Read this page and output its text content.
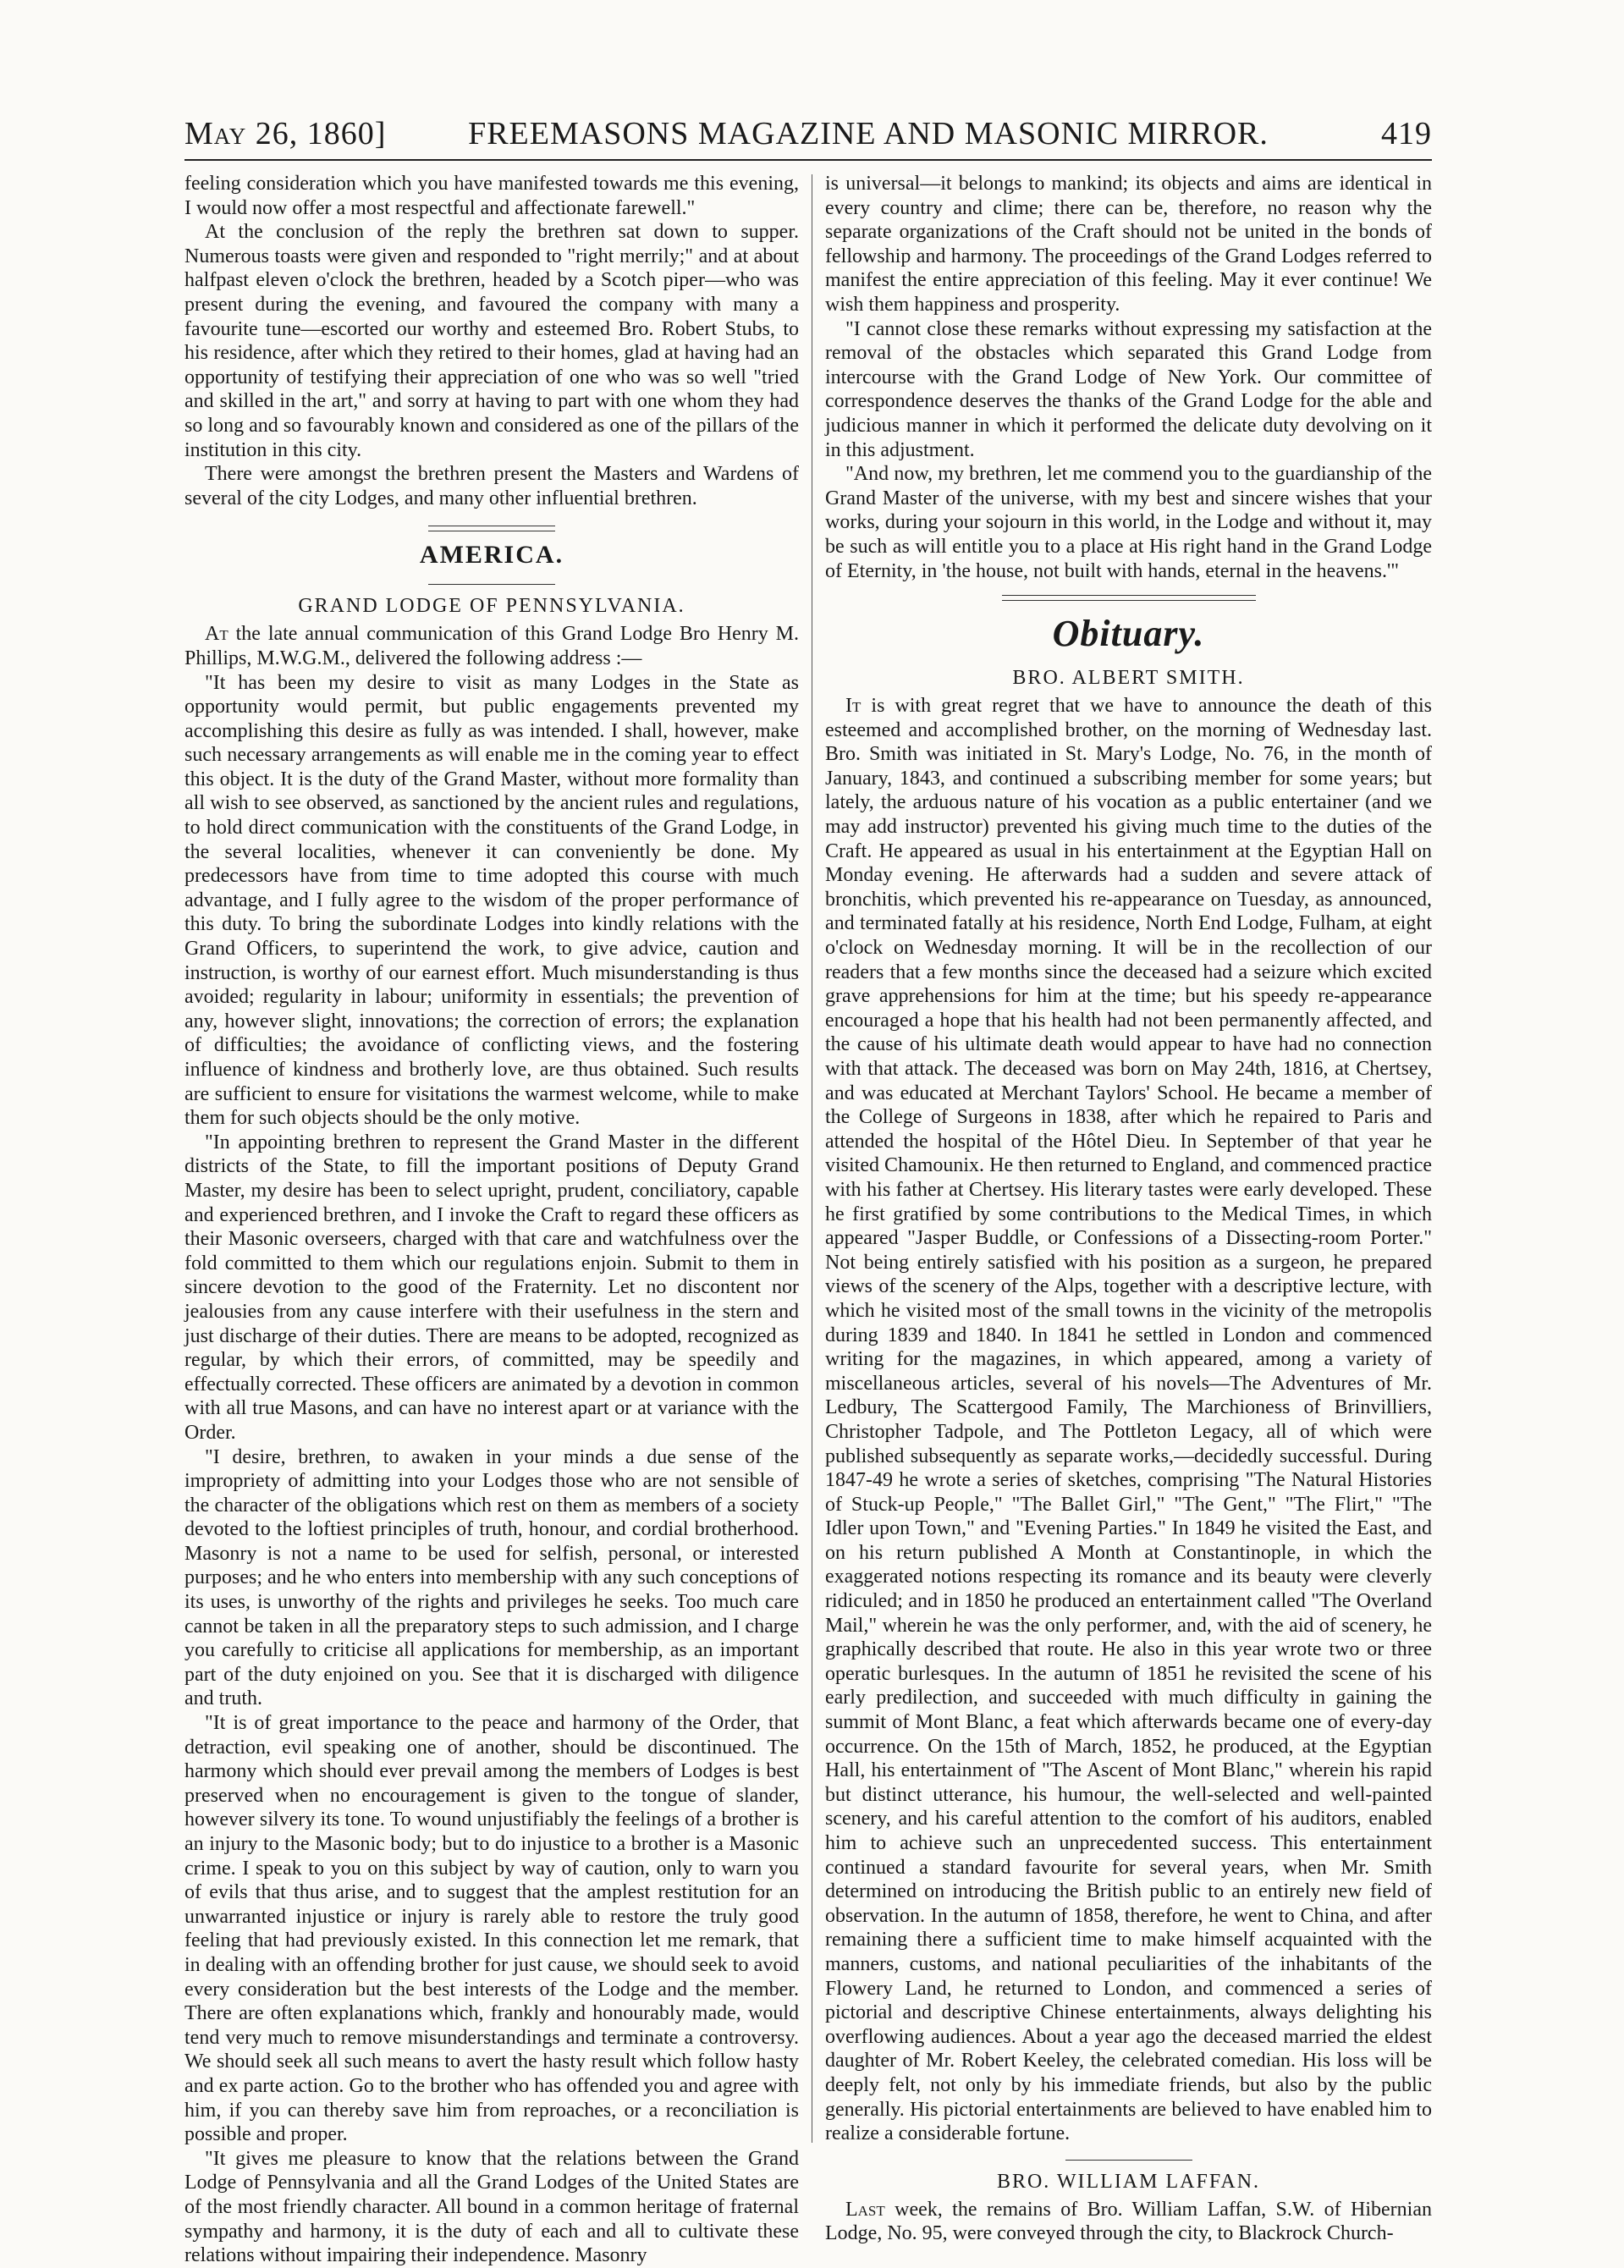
May 26, 1860]	FREEMASONS MAGAZINE AND MASONIC MIRROR.	419

feeling consideration which you have manifested towards me this evening, I would now offer a most respectful and affectionate farewell."

At the conclusion of the reply the brethren sat down to supper. Numerous toasts were given and responded to "right merrily;" and at about halfpast eleven o'clock the brethren, headed by a Scotch piper—who was present during the evening, and favoured the company with many a favourite tune—escorted our worthy and esteemed Bro. Robert Stubs, to his residence, after which they retired to their homes, glad at having had an opportunity of testifying their appreciation of one who was so well "tried and skilled in the art," and sorry at having to part with one whom they had so long and so favourably known and considered as one of the pillars of the institution in this city.

There were amongst the brethren present the Masters and Wardens of several of the city Lodges, and many other influential brethren.

AMERICA.
GRAND LODGE OF PENNSYLVANIA.

At the late annual communication of this Grand Lodge Bro Henry M. Phillips, M.W.G.M., delivered the following address :—

"It has been my desire to visit as many Lodges in the State as opportunity would permit, but public engagements prevented my accomplishing this desire as fully as was intended. I shall, however, make such necessary arrangements as will enable me in the coming year to effect this object. It is the duty of the Grand Master, without more formality than all wish to see observed, as sanctioned by the ancient rules and regulations, to hold direct communication with the constituents of the Grand Lodge, in the several localities, whenever it can conveniently be done. My predecessors have from time to time adopted this course with much advantage, and I fully agree to the wisdom of the proper performance of this duty. To bring the subordinate Lodges into kindly relations with the Grand Officers, to superintend the work, to give advice, caution and instruction, is worthy of our earnest effort. Much misunderstanding is thus avoided; regularity in labour; uniformity in essentials; the prevention of any, however slight, innovations; the correction of errors; the explanation of difficulties; the avoidance of conflicting views, and the fostering influence of kindness and brotherly love, are thus obtained. Such results are sufficient to ensure for visitations the warmest welcome, while to make them for such objects should be the only motive.

"In appointing brethren to represent the Grand Master in the different districts of the State, to fill the important positions of Deputy Grand Master, my desire has been to select upright, prudent, conciliatory, capable and experienced brethren, and I invoke the Craft to regard these officers as their Masonic overseers, charged with that care and watchfulness over the fold committed to them which our regulations enjoin. Submit to them in sincere devotion to the good of the Fraternity. Let no discontent nor jealousies from any cause interfere with their usefulness in the stern and just discharge of their duties. There are means to be adopted, recognized as regular, by which their errors, of committed, may be speedily and effectually corrected. These officers are animated by a devotion in common with all true Masons, and can have no interest apart or at variance with the Order.

"I desire, brethren, to awaken in your minds a due sense of the impropriety of admitting into your Lodges those who are not sensible of the character of the obligations which rest on them as members of a society devoted to the loftiest principles of truth, honour, and cordial brotherhood. Masonry is not a name to be used for selfish, personal, or interested purposes; and he who enters into membership with any such conceptions of its uses, is unworthy of the rights and privileges he seeks. Too much care cannot be taken in all the preparatory steps to such admission, and I charge you carefully to criticise all applications for membership, as an important part of the duty enjoined on you. See that it is discharged with diligence and truth.

"It is of great importance to the peace and harmony of the Order, that detraction, evil speaking one of another, should be discontinued. The harmony which should ever prevail among the members of Lodges is best preserved when no encouragement is given to the tongue of slander, however silvery its tone. To wound unjustifiably the feelings of a brother is an injury to the Masonic body; but to do injustice to a brother is a Masonic crime. I speak to you on this subject by way of caution, only to warn you of evils that thus arise, and to suggest that the amplest restitution for an unwarranted injustice or injury is rarely able to restore the truly good feeling that had previously existed. In this connection let me remark, that in dealing with an offending brother for just cause, we should seek to avoid every consideration but the best interests of the Lodge and the member. There are often explanations which, frankly and honourably made, would tend very much to remove misunderstandings and terminate a controversy. We should seek all such means to avert the hasty result which follow hasty and ex parte action. Go to the brother who has offended you and agree with him, if you can thereby save him from reproaches, or a reconciliation is possible and proper.

"It gives me pleasure to know that the relations between the Grand Lodge of Pennsylvania and all the Grand Lodges of the United States are of the most friendly character. All bound in a common heritage of fraternal sympathy and harmony, it is the duty of each and all to cultivate these relations without impairing their independence. Masonry

is universal—it belongs to mankind; its objects and aims are identical in every country and clime; there can be, therefore, no reason why the separate organizations of the Craft should not be united in the bonds of fellowship and harmony. The proceedings of the Grand Lodges referred to manifest the entire appreciation of this feeling. May it ever continue! We wish them happiness and prosperity.

"I cannot close these remarks without expressing my satisfaction at the removal of the obstacles which separated this Grand Lodge from intercourse with the Grand Lodge of New York. Our committee of correspondence deserves the thanks of the Grand Lodge for the able and judicious manner in which it performed the delicate duty devolving on it in this adjustment.

"And now, my brethren, let me commend you to the guardianship of the Grand Master of the universe, with my best and sincere wishes that your works, during your sojourn in this world, in the Lodge and without it, may be such as will entitle you to a place at His right hand in the Grand Lodge of Eternity, in 'the house, not built with hands, eternal in the heavens.'"

Obituary.
BRO. ALBERT SMITH.

It is with great regret that we have to announce the death of this esteemed and accomplished brother, on the morning of Wednesday last. Bro. Smith was initiated in St. Mary's Lodge, No. 76, in the month of January, 1843, and continued a subscribing member for some years; but lately, the arduous nature of his vocation as a public entertainer (and we may add instructor) prevented his giving much time to the duties of the Craft. He appeared as usual in his entertainment at the Egyptian Hall on Monday evening. He afterwards had a sudden and severe attack of bronchitis, which prevented his re-appearance on Tuesday, as announced, and terminated fatally at his residence, North End Lodge, Fulham, at eight o'clock on Wednesday morning. It will be in the recollection of our readers that a few months since the deceased had a seizure which excited grave apprehensions for him at the time; but his speedy re-appearance encouraged a hope that his health had not been permanently affected, and the cause of his ultimate death would appear to have had no connection with that attack. The deceased was born on May 24th, 1816, at Chertsey, and was educated at Merchant Taylors' School. He became a member of the College of Surgeons in 1838, after which he repaired to Paris and attended the hospital of the Hôtel Dieu. In September of that year he visited Chamounix. He then returned to England, and commenced practice with his father at Chertsey. His literary tastes were early developed. These he first gratified by some contributions to the Medical Times, in which appeared "Jasper Buddle, or Confessions of a Dissecting-room Porter." Not being entirely satisfied with his position as a surgeon, he prepared views of the scenery of the Alps, together with a descriptive lecture, with which he visited most of the small towns in the vicinity of the metropolis during 1839 and 1840. In 1841 he settled in London and commenced writing for the magazines, in which appeared, among a variety of miscellaneous articles, several of his novels—The Adventures of Mr. Ledbury, The Scattergood Family, The Marchioness of Brinvilliers, Christopher Tadpole, and The Pottleton Legacy, all of which were published subsequently as separate works,—decidedly successful. During 1847-49 he wrote a series of sketches, comprising "The Natural Histories of Stuck-up People," "The Ballet Girl," "The Gent," "The Flirt," "The Idler upon Town," and "Evening Parties." In 1849 he visited the East, and on his return published A Month at Constantinople, in which the exaggerated notions respecting its romance and its beauty were cleverly ridiculed; and in 1850 he produced an entertainment called "The Overland Mail," wherein he was the only performer, and, with the aid of scenery, he graphically described that route. He also in this year wrote two or three operatic burlesques. In the autumn of 1851 he revisited the scene of his early predilection, and succeeded with much difficulty in gaining the summit of Mont Blanc, a feat which afterwards became one of every-day occurrence. On the 15th of March, 1852, he produced, at the Egyptian Hall, his entertainment of "The Ascent of Mont Blanc," wherein his rapid but distinct utterance, his humour, the well-selected and well-painted scenery, and his careful attention to the comfort of his auditors, enabled him to achieve such an unprecedented success. This entertainment continued a standard favourite for several years, when Mr. Smith determined on introducing the British public to an entirely new field of observation. In the autumn of 1858, therefore, he went to China, and after remaining there a sufficient time to make himself acquainted with the manners, customs, and national peculiarities of the inhabitants of the Flowery Land, he returned to London, and commenced a series of pictorial and descriptive Chinese entertainments, always delighting his overflowing audiences. About a year ago the deceased married the eldest daughter of Mr. Robert Keeley, the celebrated comedian. His loss will be deeply felt, not only by his immediate friends, but also by the public generally. His pictorial entertainments are believed to have enabled him to realize a considerable fortune.

BRO. WILLIAM LAFFAN.

Last week, the remains of Bro. William Laffan, S.W. of Hibernian Lodge, No. 95, were conveyed through the city, to Blackrock Church-
